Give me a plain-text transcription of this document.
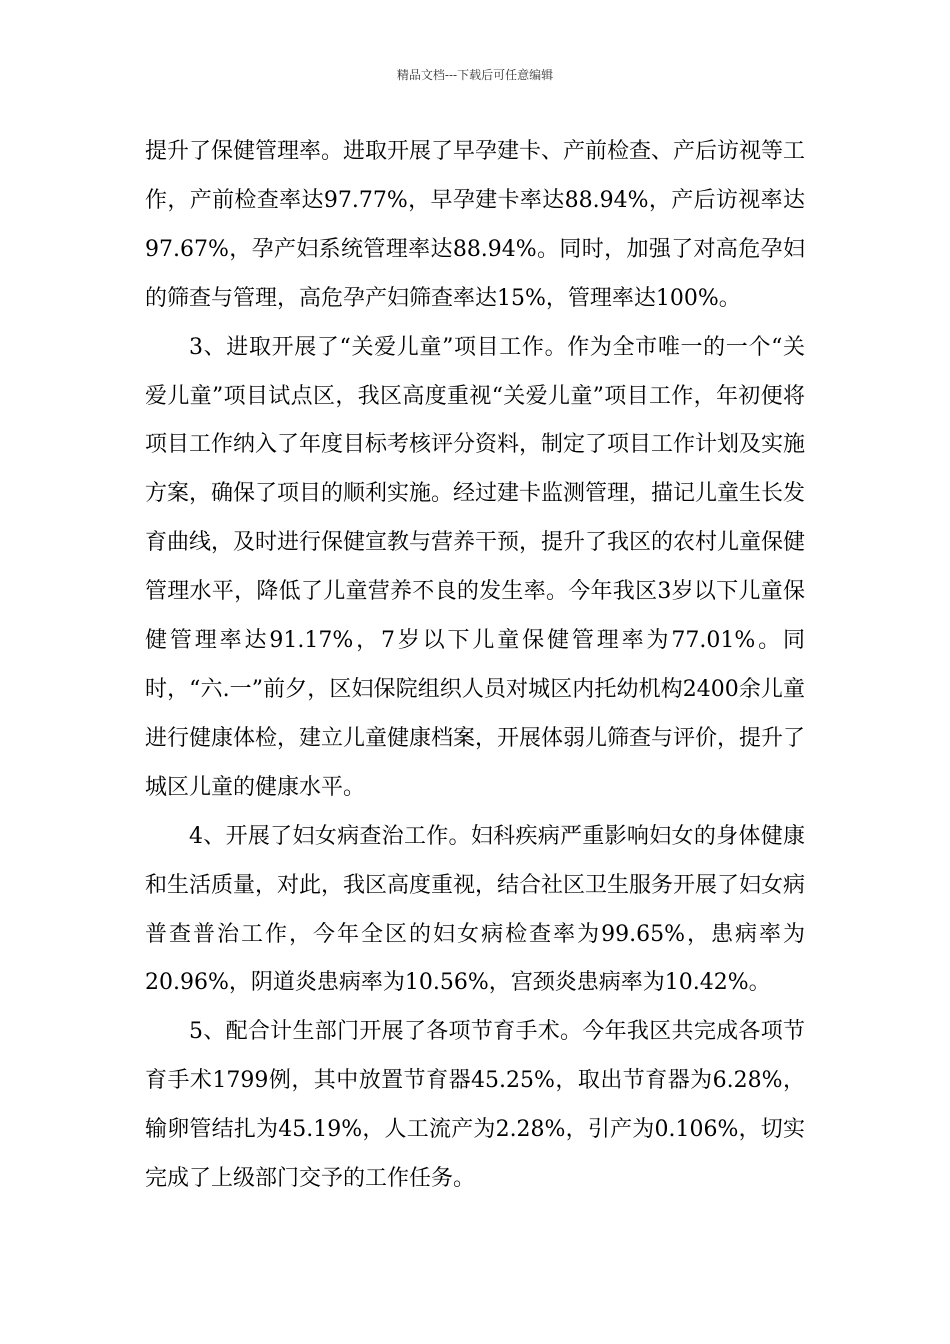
精品文档---下载后可任意编辑

提升了保健管理率。进取开展了早孕建卡、产前检查、产后访视等工作，产前检查率达97.77%，早孕建卡率达88.94%，产后访视率达97.67%，孕产妇系统管理率达88.94%。同时，加强了对高危孕妇的筛查与管理，高危孕产妇筛查率达15%，管理率达100%。

3、进取开展了“关爱儿童”项目工作。作为全市唯一的一个“关爱儿童”项目试点区，我区高度重视“关爱儿童”项目工作，年初便将项目工作纳入了年度目标考核评分资料，制定了项目工作计划及实施方案，确保了项目的顺利实施。经过建卡监测管理，描记儿童生长发育曲线，及时进行保健宣教与营养干预，提升了我区的农村儿童保健管理水平，降低了儿童营养不良的发生率。今年我区3岁以下儿童保健管理率达91.17%，7岁以下儿童保健管理率为77.01%。同时，“六.一”前夕，区妇保院组织人员对城区内托幼机构2400余儿童进行健康体检，建立儿童健康档案，开展体弱儿筛查与评价，提升了城区儿童的健康水平。

4、开展了妇女病查治工作。妇科疾病严重影响妇女的身体健康和生活质量，对此，我区高度重视，结合社区卫生服务开展了妇女病普查普治工作，今年全区的妇女病检查率为99.65%，患病率为20.96%，阴道炎患病率为10.56%，宫颈炎患病率为10.42%。

5、配合计生部门开展了各项节育手术。今年我区共完成各项节育手术1799例，其中放置节育器45.25%，取出节育器为6.28%，输卵管结扎为45.19%，人工流产为2.28%，引产为0.106%，切实完成了上级部门交予的工作任务。
